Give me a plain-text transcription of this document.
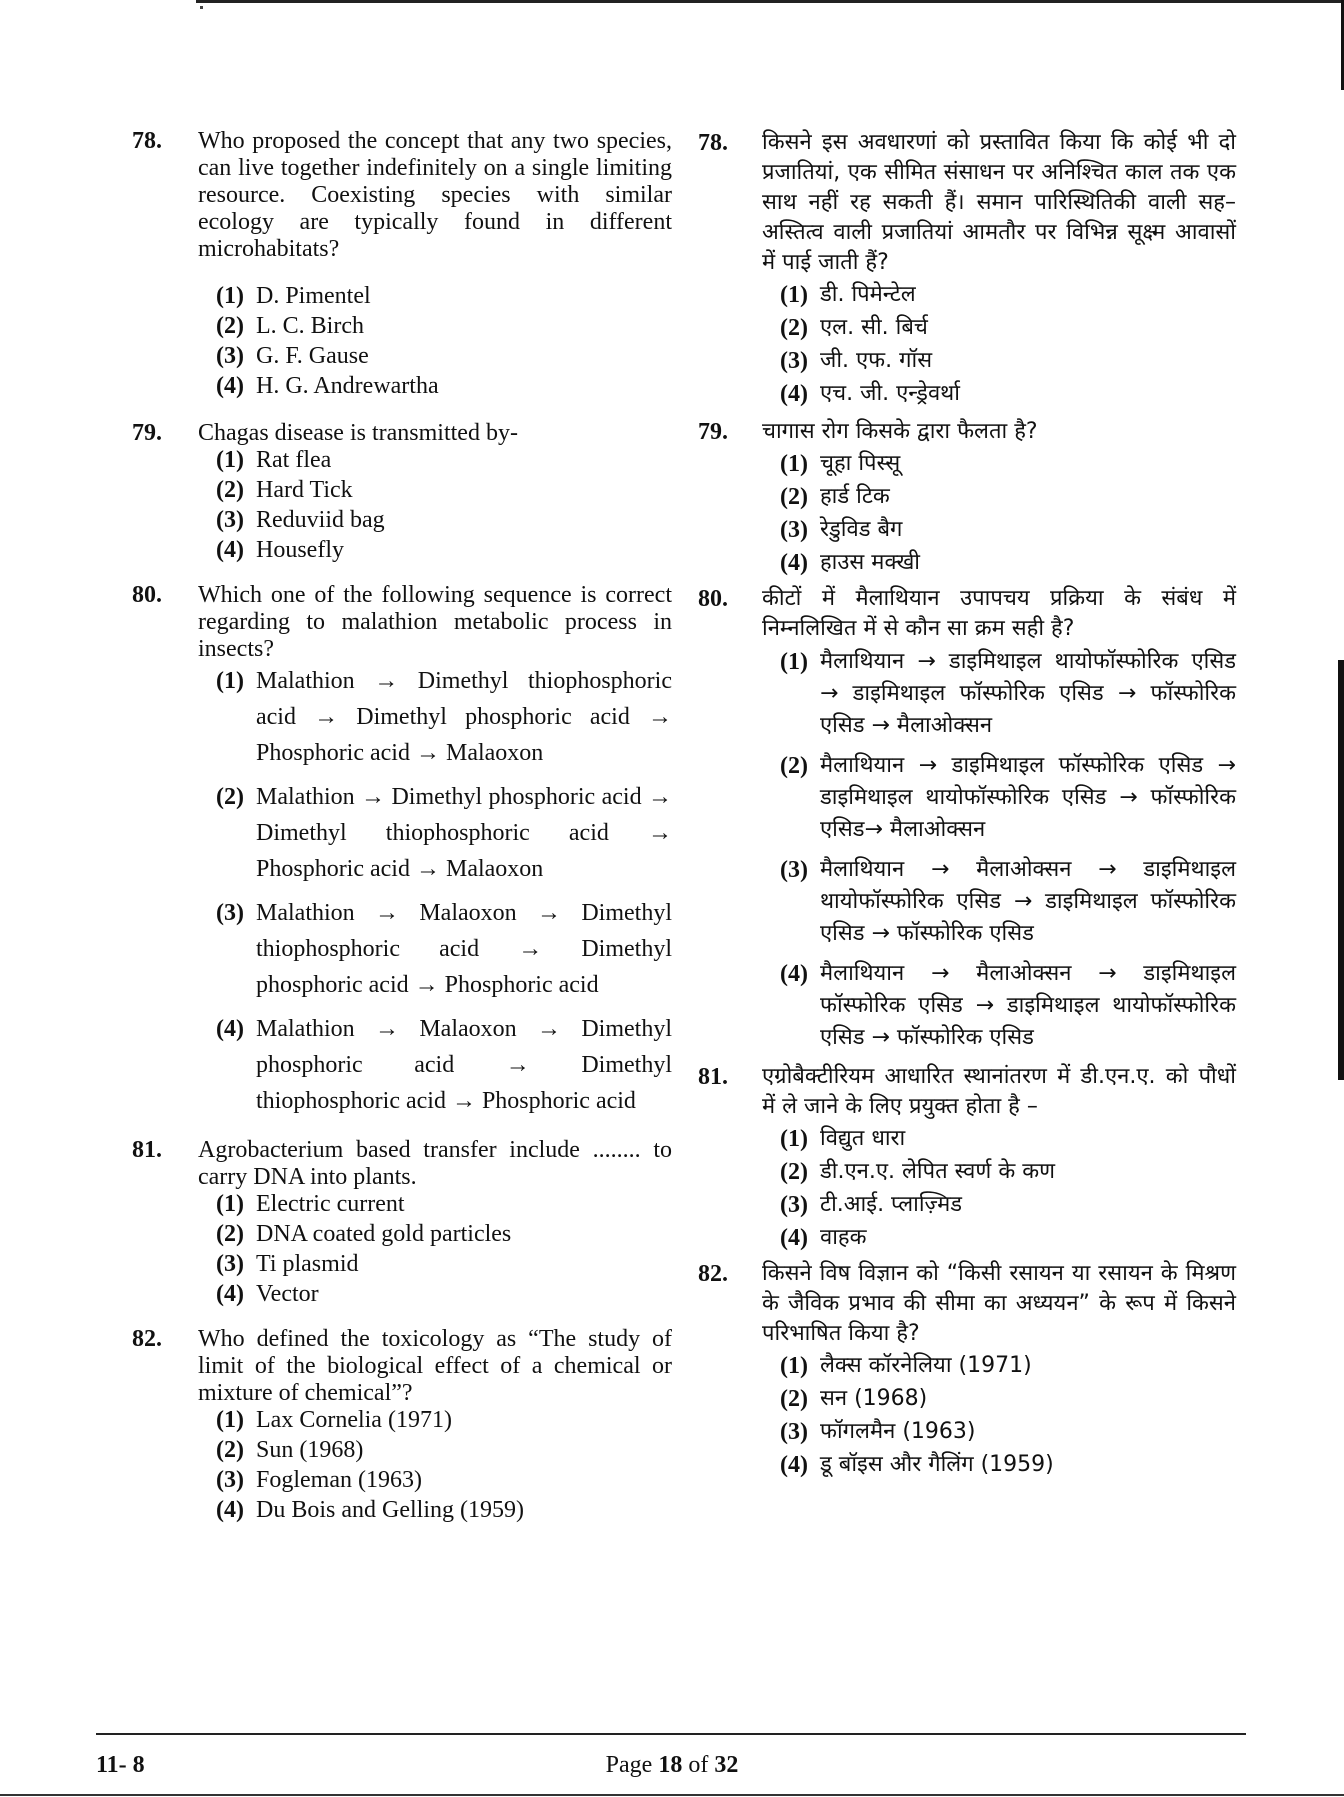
78. Who proposed the concept that any two species, can live together indefinitely on a single limiting resource. Coexisting species with similar ecology are typically found in different microhabitats?
(1) D. Pimentel
(2) L. C. Birch
(3) G. F. Gause
(4) H. G. Andrewartha
79. Chagas disease is transmitted by-
(1) Rat flea
(2) Hard Tick
(3) Reduviid bag
(4) Housefly
80. Which one of the following sequence is correct regarding to malathion metabolic process in insects?
(1) Malathion → Dimethyl thiophosphoric acid → Dimethyl phosphoric acid → Phosphoric acid → Malaoxon
(2) Malathion → Dimethyl phosphoric acid → Dimethyl thiophosphoric acid → Phosphoric acid → Malaoxon
(3) Malathion → Malaoxon → Dimethyl thiophosphoric acid → Dimethyl phosphoric acid → Phosphoric acid
(4) Malathion → Malaoxon → Dimethyl phosphoric acid → Dimethyl thiophosphoric acid → Phosphoric acid
81. Agrobacterium based transfer include ........ to carry DNA into plants.
(1) Electric current
(2) DNA coated gold particles
(3) Ti plasmid
(4) Vector
82. Who defined the toxicology as “The study of limit of the biological effect of a chemical or mixture of chemical”?
(1) Lax Cornelia (1971)
(2) Sun (1968)
(3) Fogleman (1963)
(4) Du Bois and Gelling (1959)
78. किसने इस अवधारणां को प्रस्तावित किया कि कोई भी दो प्रजातियां, एक सीमित संसाधन पर अनिश्चित काल तक एक साथ नहीं रह सकती हैं। समान पारिस्थितिकी वाली सह–अस्तित्व वाली प्रजातियां आमतौर पर विभिन्न सूक्ष्म आवासों में पाई जाती हैं?
(1) डी. पिमेन्टेल
(2) एल. सी. बिर्च
(3) जी. एफ. गॉस
(4) एच. जी. एन्ड्रेवर्था
79. चागास रोग किसके द्वारा फैलता है?
(1) चूहा पिस्सू
(2) हार्ड टिक
(3) रेडुविड बैग
(4) हाउस मक्खी
80. कीटों में मैलाथियान उपापचय प्रक्रिया के संबंध में निम्नलिखित में से कौन सा क्रम सही है?
(1) मैलाथियान → डाइमिथाइल थायोफॉस्फोरिक एसिड → डाइमिथाइल फॉस्फोरिक एसिड → फॉस्फोरिक एसिड → मैलाओक्सन
(2) मैलाथियान → डाइमिथाइल फॉस्फोरिक एसिड → डाइमिथाइल थायोफॉस्फोरिक एसिड → फॉस्फोरिक एसिड→ मैलाओक्सन
(3) मैलाथियान → मैलाओक्सन → डाइमिथाइल थायोफॉस्फोरिक एसिड → डाइमिथाइल फॉस्फोरिक एसिड → फॉस्फोरिक एसिड
(4) मैलाथियान → मैलाओक्सन → डाइमिथाइल फॉस्फोरिक एसिड → डाइमिथाइल थायोफॉस्फोरिक एसिड → फॉस्फोरिक एसिड
81. एग्रोबैक्टीरियम आधारित स्थानांतरण में डी.एन.ए. को पौधों में ले जाने के लिए प्रयुक्त होता है –
(1) विद्युत धारा
(2) डी.एन.ए. लेपित स्वर्ण के कण
(3) टी.आई. प्लाज़्मिड
(4) वाहक
82. किसने विष विज्ञान को “किसी रसायन या रसायन के मिश्रण के जैविक प्रभाव की सीमा का अध्ययन” के रूप में किसने परिभाषित किया है?
(1) लैक्स कॉरनेलिया (1971)
(2) सन (1968)
(3) फॉगलमैन (1963)
(4) डू बॉइस और गैलिंग (1959)
11- 8	Page 18 of 32
